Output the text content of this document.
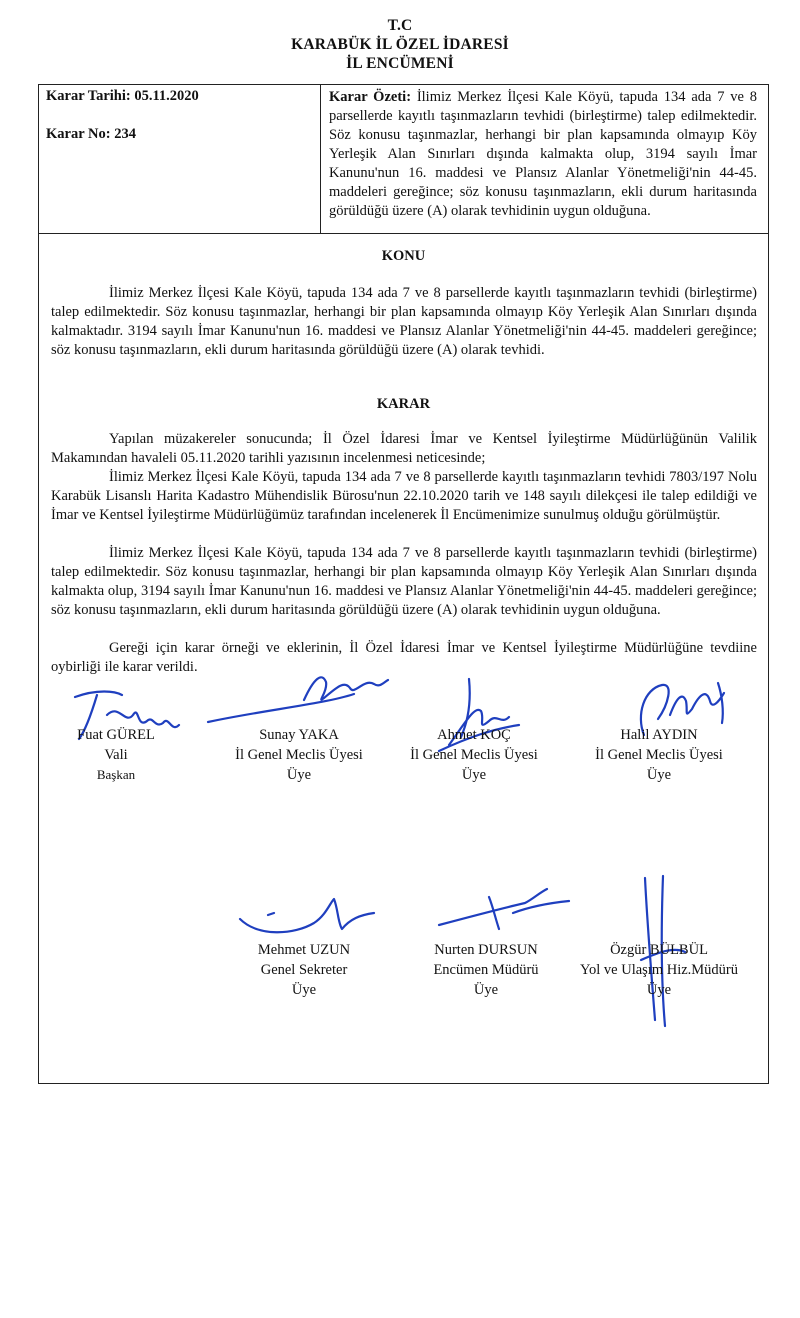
T.C
KARABÜK İL ÖZEL İDARESİ
İL ENCÜMENİ
Karar Tarihi: 05.11.2020
Karar No: 234
Karar Özeti: İlimiz Merkez İlçesi Kale Köyü, tapuda 134 ada 7 ve 8 parsellerde kayıtlı taşınmazların tevhidi (birleştirme) talep edilmektedir. Söz konusu taşınmazlar, herhangi bir plan kapsamında olmayıp Köy Yerleşik Alan Sınırları dışında kalmakta olup, 3194 sayılı İmar Kanunu'nun 16. maddesi ve Plansız Alanlar Yönetmeliği'nin 44-45. maddeleri gereğince; söz konusu taşınmazların, ekli durum haritasında görüldüğü üzere (A) olarak tevhidinin uygun olduğuna.
KONU
İlimiz Merkez İlçesi Kale Köyü, tapuda 134 ada 7 ve 8 parsellerde kayıtlı taşınmazların tevhidi (birleştirme) talep edilmektedir. Söz konusu taşınmazlar, herhangi bir plan kapsamında olmayıp Köy Yerleşik Alan Sınırları dışında kalmaktadır. 3194 sayılı İmar Kanunu'nun 16. maddesi ve Plansız Alanlar Yönetmeliği'nin 44-45. maddeleri gereğince; söz konusu taşınmazların, ekli durum haritasında görüldüğü üzere (A) olarak tevhidi.
KARAR
Yapılan müzakereler sonucunda; İl Özel İdaresi İmar ve Kentsel İyileştirme Müdürlüğünün Valilik Makamından havaleli 05.11.2020 tarihli yazısının incelenmesi neticesinde;
İlimiz Merkez İlçesi Kale Köyü, tapuda 134 ada 7 ve 8 parsellerde kayıtlı taşınmazların tevhidi 7803/197 Nolu Karabük Lisanslı Harita Kadastro Mühendislik Bürosu'nun 22.10.2020 tarih ve 148 sayılı dilekçesi ile talep edildiği ve İmar ve Kentsel İyileştirme Müdürlüğümüz tarafından incelenerek İl Encümenimize sunulmuş olduğu görülmüştür.
İlimiz Merkez İlçesi Kale Köyü, tapuda 134 ada 7 ve 8 parsellerde kayıtlı taşınmazların tevhidi (birleştirme) talep edilmektedir. Söz konusu taşınmazlar, herhangi bir plan kapsamında olmayıp Köy Yerleşik Alan Sınırları dışında kalmakta olup, 3194 sayılı İmar Kanunu'nun 16. maddesi ve Plansız Alanlar Yönetmeliği'nin 44-45. maddeleri gereğince; söz konusu taşınmazların, ekli durum haritasında görüldüğü üzere (A) olarak tevhidinin uygun olduğuna.
Gereği için karar örneği ve eklerinin, İl Özel İdaresi İmar ve Kentsel İyileştirme Müdürlüğüne tevdiine oybirliği ile karar verildi.
Fuat GÜREL
Vali
Başkan
Sunay YAKA
İl Genel Meclis Üyesi
Üye
Ahmet KOÇ
İl Genel Meclis Üyesi
Üye
Halil AYDIN
İl Genel Meclis Üyesi
Üye
Mehmet UZUN
Genel Sekreter
Üye
Nurten DURSUN
Encümen Müdürü
Üye
Özgür BÜLBÜL
Yol ve Ulaşım Hiz.Müdürü
Üye
